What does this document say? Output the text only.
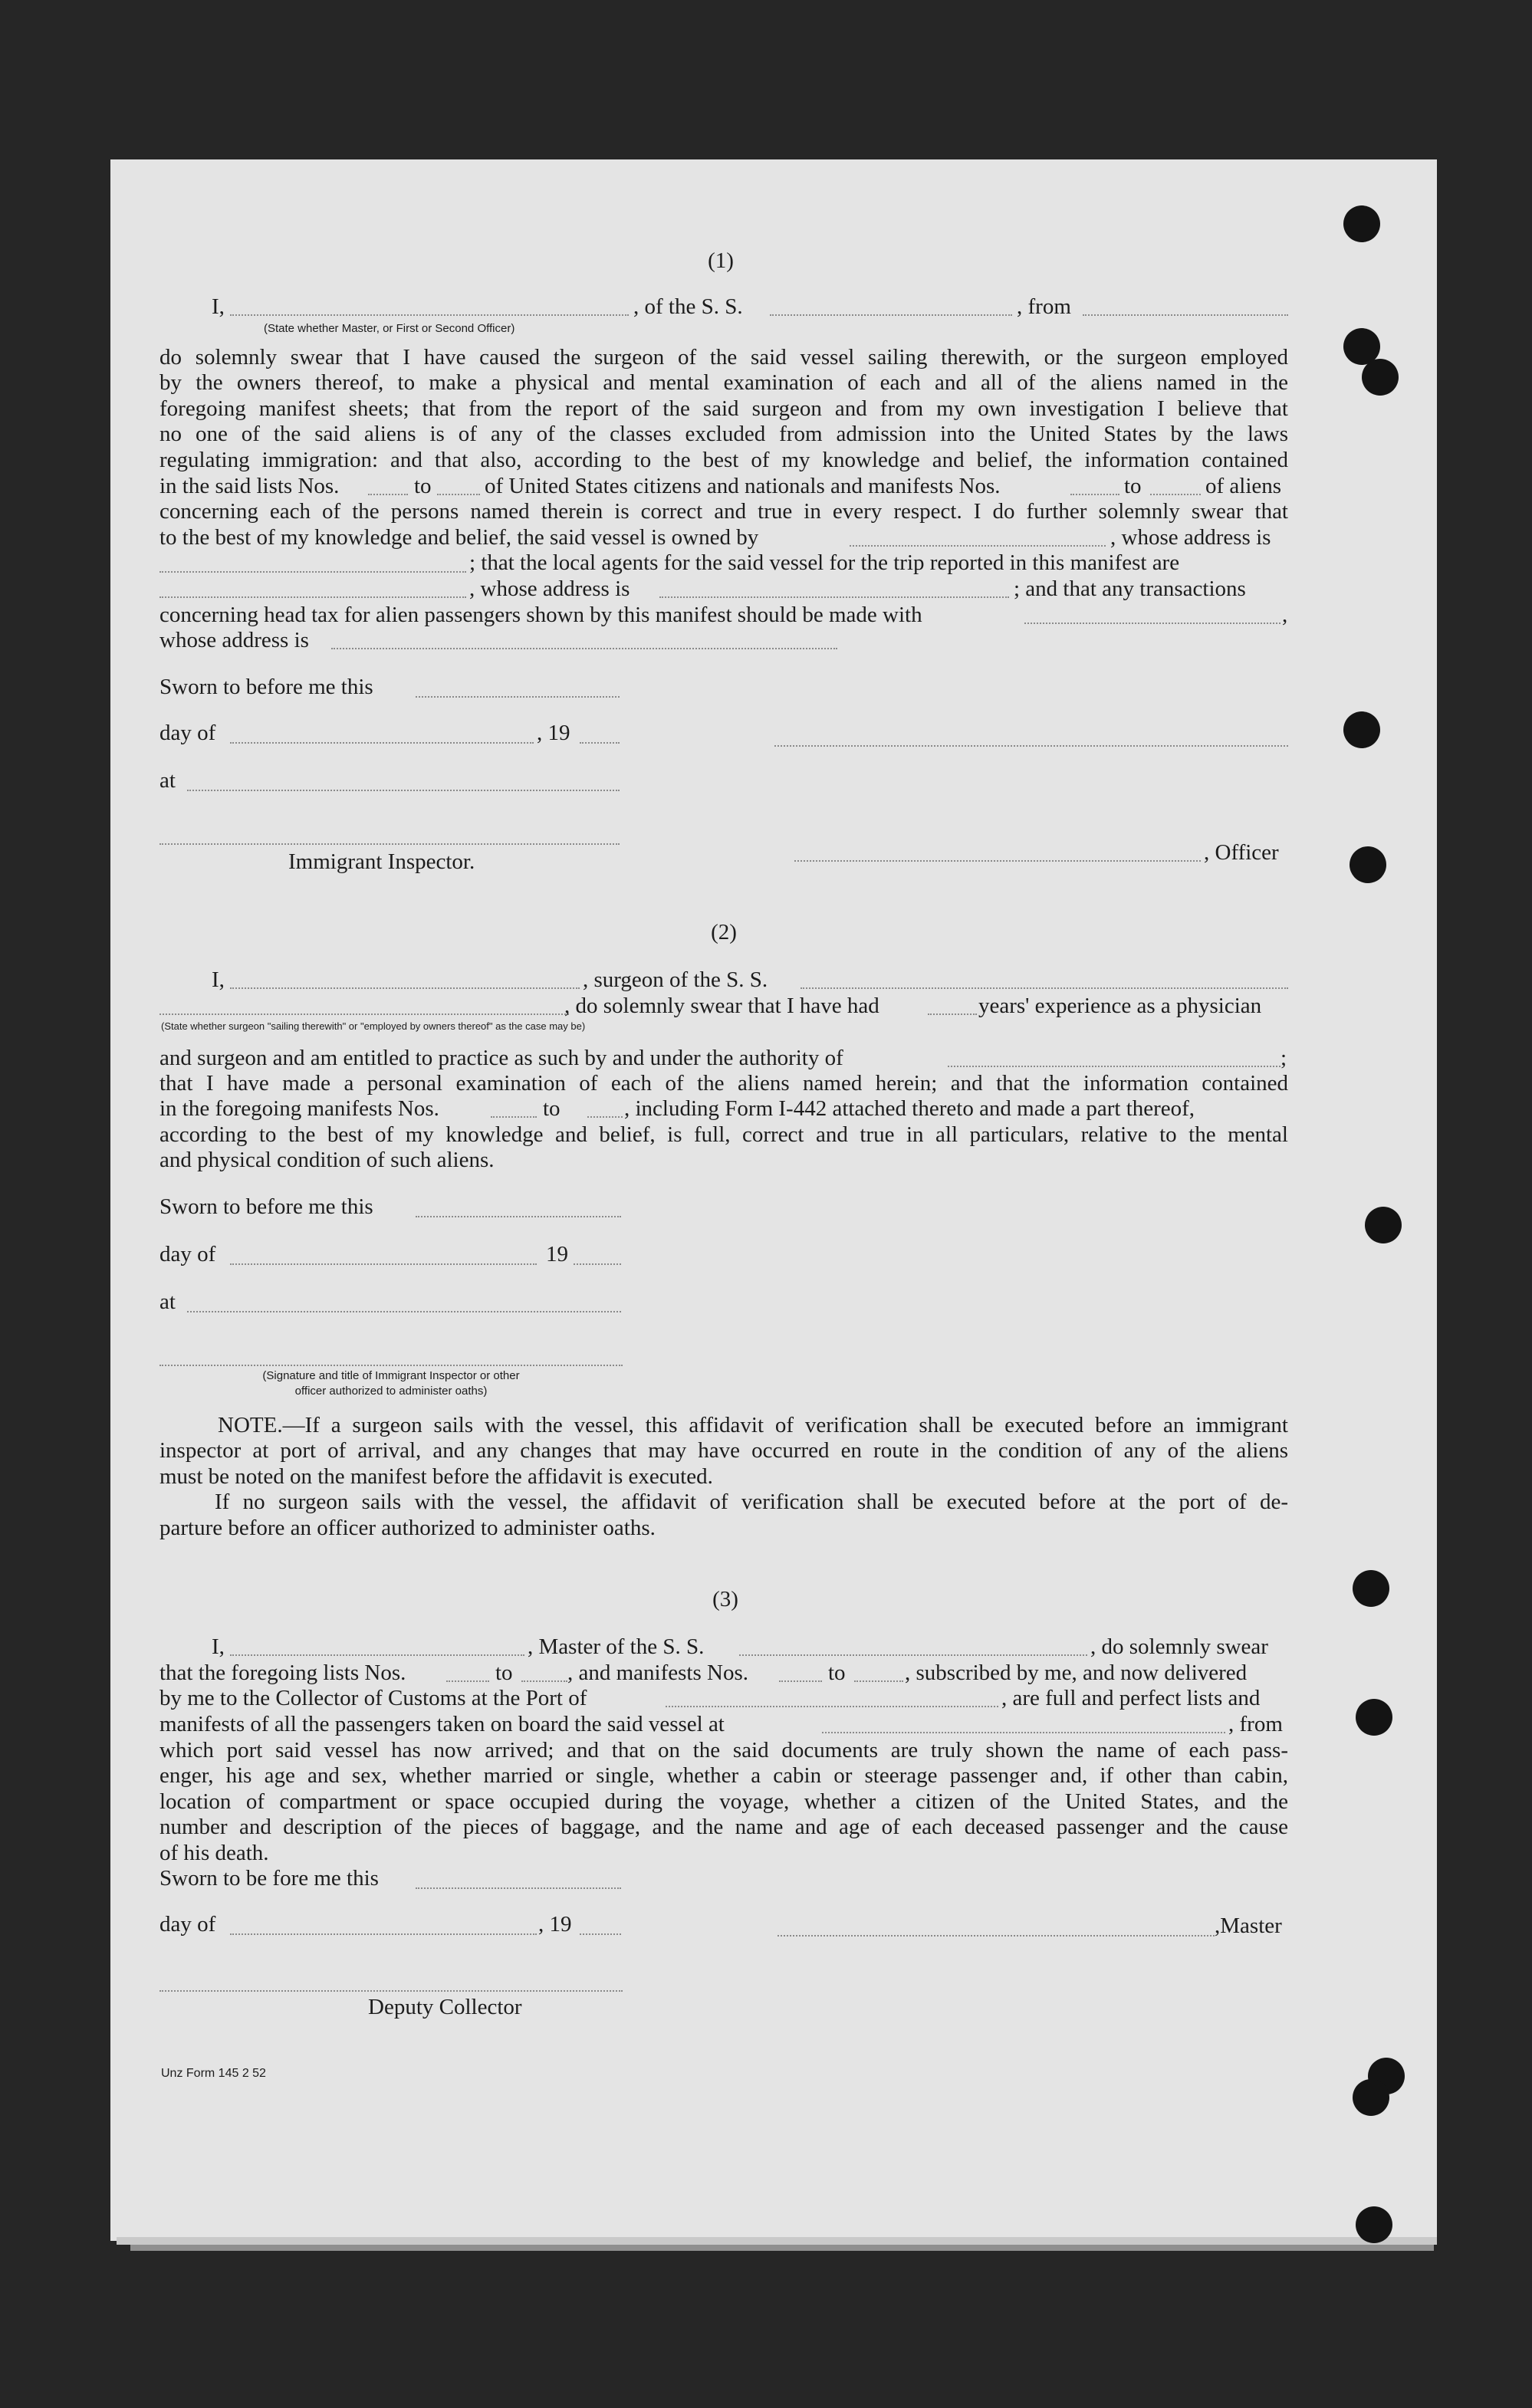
(1)
I,	, of the S. S.	, from
(State whether Master, or First or Second Officer)
do solemnly swear that I have caused the surgeon of the said vessel sailing therewith, or the surgeon employed
by the owners thereof, to make a physical and mental examination of each and all of the aliens named in the
foregoing manifest sheets; that from the report of the said surgeon and from my own investigation I believe that
no one of the said aliens is of any of the classes excluded from admission into the United States by the laws
regulating immigration: and that also, according to the best of my knowledge and belief, the information contained
in the said lists Nos.	to of United States citizens and nationals and manifests Nos.	to	of aliens
concerning each of the persons named therein is correct and true in every respect. I do further solemnly swear that
to the best of my knowledge and belief, the said vessel is owned by	, whose address is
; that the local agents for the said vessel for the trip reported in this manifest are
, whose address is	; and that any transactions
concerning head tax for alien passengers shown by this manifest should be made with	,
whose address is
Sworn to before me this
day of	, 19
at
Immigrant Inspector.	, Officer
(2)
I,	, surgeon of the S. S.
, do solemnly swear that I have had	years' experience as a physician
(State whether surgeon "sailing therewith" or "employed by owners thereof" as the case may be)
and surgeon and am entitled to practice as such by and under the authority of	;
that I have made a personal examination of each of the aliens named herein; and that the information contained
in the foregoing manifests Nos.	to	, including Form I-442 attached thereto and made a part thereof,
according to the best of my knowledge and belief, is full, correct and true in all particulars, relative to the mental
and physical condition of such aliens.
Sworn to before me this
day of	19
at
(Signature and title of Immigrant Inspector or other
officer authorized to administer oaths)
NOTE.—If a surgeon sails with the vessel, this affidavit of verification shall be executed before an immigrant
inspector at port of arrival, and any changes that may have occurred en route in the condition of any of the aliens
must be noted on the manifest before the affidavit is executed.
If no surgeon sails with the vessel, the affidavit of verification shall be executed before at the port of de-
parture before an officer authorized to administer oaths.
(3)
I,	, Master of the S. S.	, do solemnly swear
that the foregoing lists Nos.	to , and manifests Nos.	to	, subscribed by me, and now delivered
by me to the Collector of Customs at the Port of	, are full and perfect lists and
manifests of all the passengers taken on board the said vessel at	, from
which port said vessel has now arrived; and that on the said documents are truly shown the name of each pass-
enger, his age and sex, whether married or single, whether a cabin or steerage passenger and, if other than cabin,
location of compartment or space occupied during the voyage, whether a citizen of the United States, and the
number and description of the pieces of baggage, and the name and age of each deceased passenger and the cause
of his death.
Sworn to be fore me this
day of	, 19	,Master
Deputy Collector
Unz Form 145 2 52
